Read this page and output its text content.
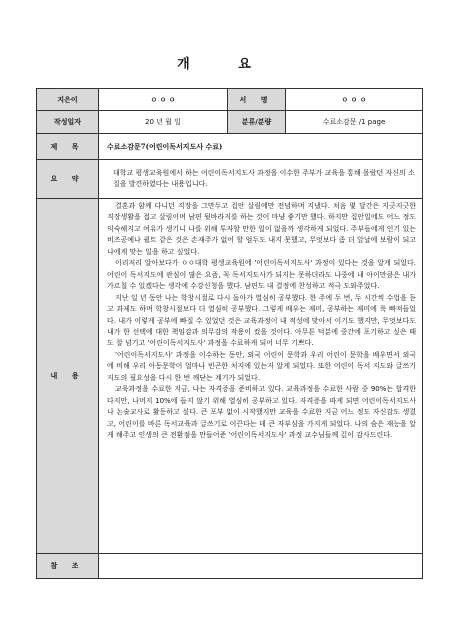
개 요
지은이	ㅇ ㅇ ㅇ	서 명	ㅇ ㅇ ㅇ
작성일자	20 년 월 일	분류/분량	수료소감문 /1 page
제 목	수료소감문7(어린이독서지도사 수료)		
요 약	대학교 평생교육원에서 하는 어린이독서지도사 과정을 이수한 주부가 교육을 통해 몰랐던 자신의 소질을 발견하였다는 내용입니다.		
내 용	결혼과 함께 다니던 직장을 그만두고 집안 살림에만 전념하며 지냈다. 처음 몇 달간은 지긋지긋한 직장생활을 접고 살림이며 남편 뒷바라지를 하는 것이 마냥 좋기만 했다. 하지만 집안일에도 어느 정도 익숙해지고 여유가 생기니 나를 위해 투자할 만한 일이 없을까 생각하게 되었다. 주부들에게 인기 있는 비즈공예나 퀼트 같은 것은 손재주가 없어 할 엄두도 내지 못했고, 무엇보다 좀 더 앞날에 보람이 되고 나에게 맞는 일을 하고 싶었다.

이리저리 알아보다가 ㅇㅇ대학 평생교육원에 '어린이독서지도사' 과정이 있다는 것을 알게 되었다. 어린이 독서지도에 관심이 많은 요즘, 꼭 독서지도사가 되지는 못하더라도 나중에 내 아이만큼은 내가 가르칠 수 있겠다는 생각에 수강신청을 했다. 남편도 내 결정에 찬성하고 적극 도와주었다.

지난 일 년 동안 나는 학창시절로 다시 돌아가 열심히 공부했다. 한 주에 두 번, 두 시간씩 수업을 듣고 과제도 하며 학창시절보다 더 열심히 공부했다. 그렇게 배우는 재미, 공부하는 재미에 푹 빠져들었다. 내가 이렇게 공부에 빠질 수 있었던 것은 교육과정이 내 적성에 맞아서 이기도 했지만, 무엇보다도 내가 한 선택에 대한 책임감과 의무감의 작용이 컸을 것이다. 아무튼 덕분에 중간에 포기하고 싶은 때도 잘 넘기고 '어린이독서지도사' 과정을 수료하게 되어 너무 기쁘다.

'어린이독서지도사' 과정을 이수하는 동안, 외국 어린이 문학과 우리 어린이 문학을 배우면서 외국에 비해 우리 아동문학이 얼마나 빈곤한 처지에 있는지 알게 되었다. 또한 어린이 독서 지도와 글쓰기 지도의 필요성을 다시 한 번 깨닫는 계기가 되었다.

교육과정을 수료한 지금, 나는 자격증을 준비하고 있다. 교육과정을 수료한 사람 중 90%는 합격한다지만, 나머지 10%에 들지 않기 위해 열심히 공부하고 있다. 자격증을 따게 되면 어린이독서지도사나 논술교사로 활동하고 싶다. 큰 포부 없이 시작했지만 교육을 수료한 지금 어느 정도 자신감도 생겼고, 어린이를 바른 독서교육과 글쓰기로 이끈다는 데 큰 자부심을 가지게 되었다. 나의 숨은 재능을 알게 해주고 인생의 큰 전환점을 만들어준 '어린이독서지도사' 과정 교수님들께 깊이 감사드린다.		

참 조			
